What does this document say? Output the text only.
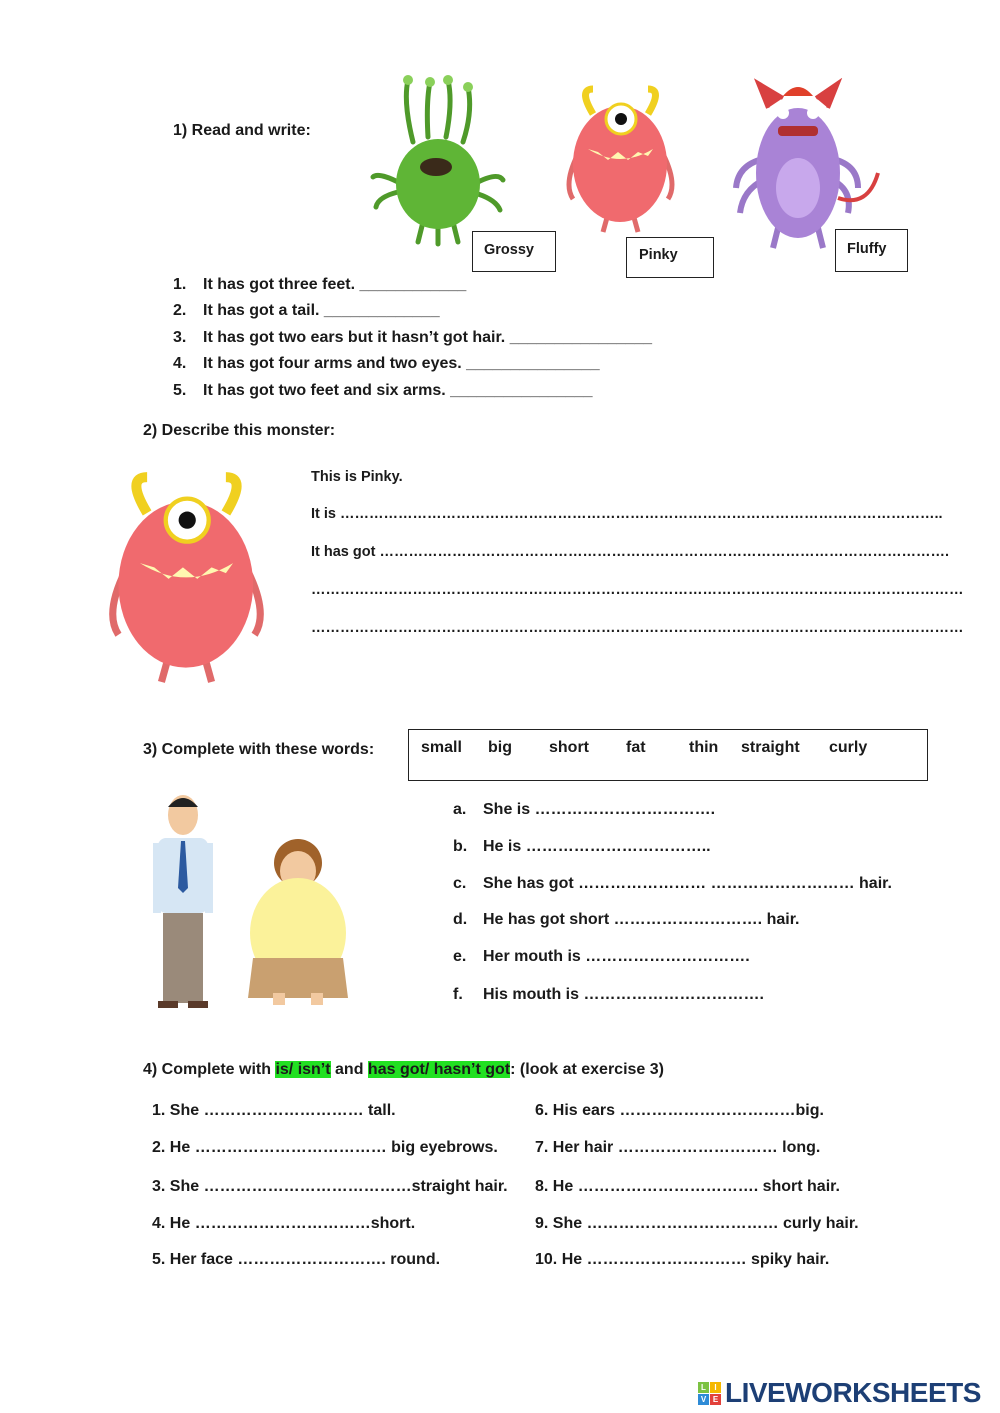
1) Read and write:
Grossy	Pinky	Fluffy
1. It has got three feet. ____________
2. It has got a tail. _____________
3. It has got two ears but it hasn’t got hair. ________________
4. It has got four arms and two eyes. _______________
5. It has got two feet and six arms. ________________
2) Describe this monster:
This is Pinky.
It is ……………………………………………………………………………………………………………..
It has got ……………………………………………………………………………………………………….
………………………………………………………………………………………………………………………
………………………………………………………………………………………………………………………
3) Complete with these words:	small big short fat	thin straight curly
a. She is …………………………….
b. He is ……………………………..
c. She has got …………………… ……………………… hair.
d. He has got short ………………………. hair.
e. Her mouth is ………………………….
f. His mouth is …………………………….
4) Complete with is/ isn’t and has got/ hasn’t got: (look at exercise 3)
1. She ………………………… tall.
2. He ……………………………… big eyebrows.
3. She …………………………………straight hair.
4. He ……………………………short.
5. Her face ………………………. round.
6. His ears ……………………………big.
7. Her hair ………………………… long.
8. He ……………………………. short hair.
9. She ……………………………… curly hair.
10. He ………………………… spiky hair.
L	I
V E LIVEWORKSHEETS
